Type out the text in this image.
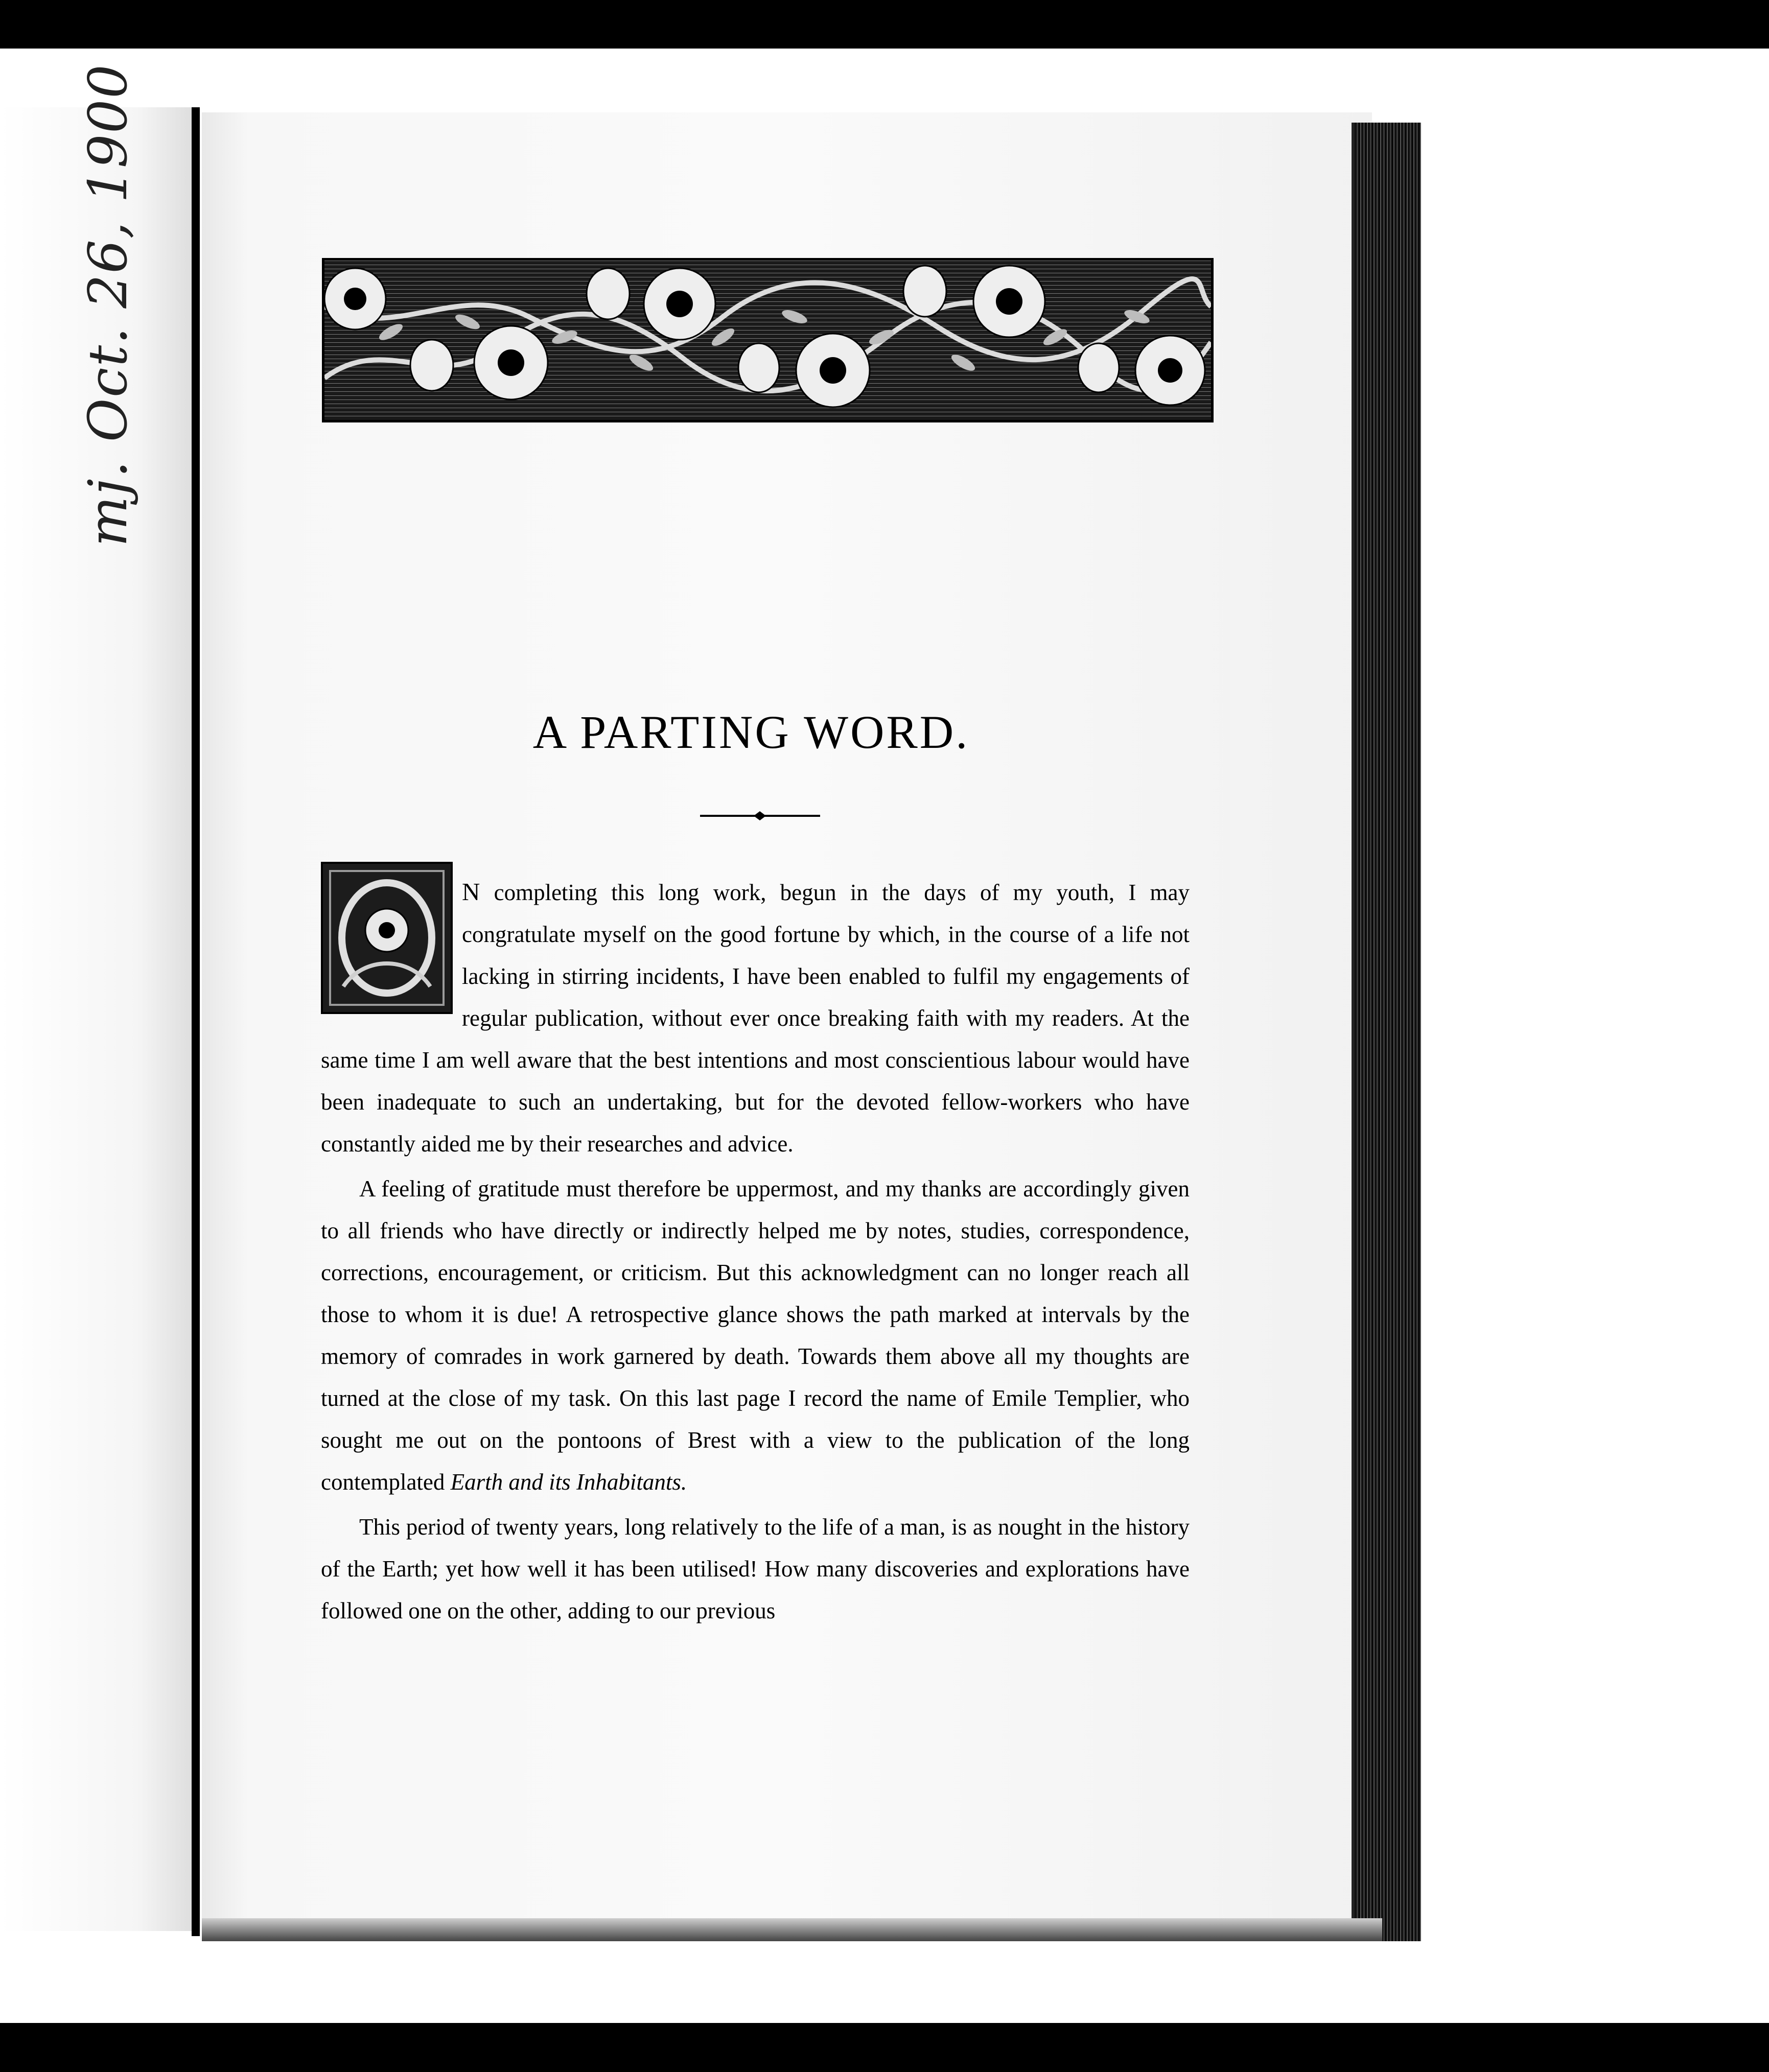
mj. Oct. 26, 1900
A PARTING WORD.

I
N completing this long work, begun in the days of my youth, I may congratulate myself on the good fortune by which, in the course of a life not lacking in stirring incidents, I have been enabled to fulfil my engagements of regular publication, without ever once breaking faith with my readers. At the same time I am well aware that the best intentions and most conscientious labour would have been inadequate to such an undertaking, but for the devoted fellow-workers who have constantly aided me by their researches and advice.

A feeling of gratitude must therefore be uppermost, and my thanks are accordingly given to all friends who have directly or indirectly helped me by notes, studies, correspondence, corrections, encouragement, or criticism. But this acknowledgment can no longer reach all those to whom it is due! A retrospective glance shows the path marked at intervals by the memory of comrades in work garnered by death. Towards them above all my thoughts are turned at the close of my task. On this last page I record the name of Emile Templier, who sought me out on the pontoons of Brest with a view to the publication of the long contemplated Earth and its Inhabitants.

This period of twenty years, long relatively to the life of a man, is as nought in the history of the Earth; yet how well it has been utilised! How many discoveries and explorations have followed one on the other, adding to our previous
